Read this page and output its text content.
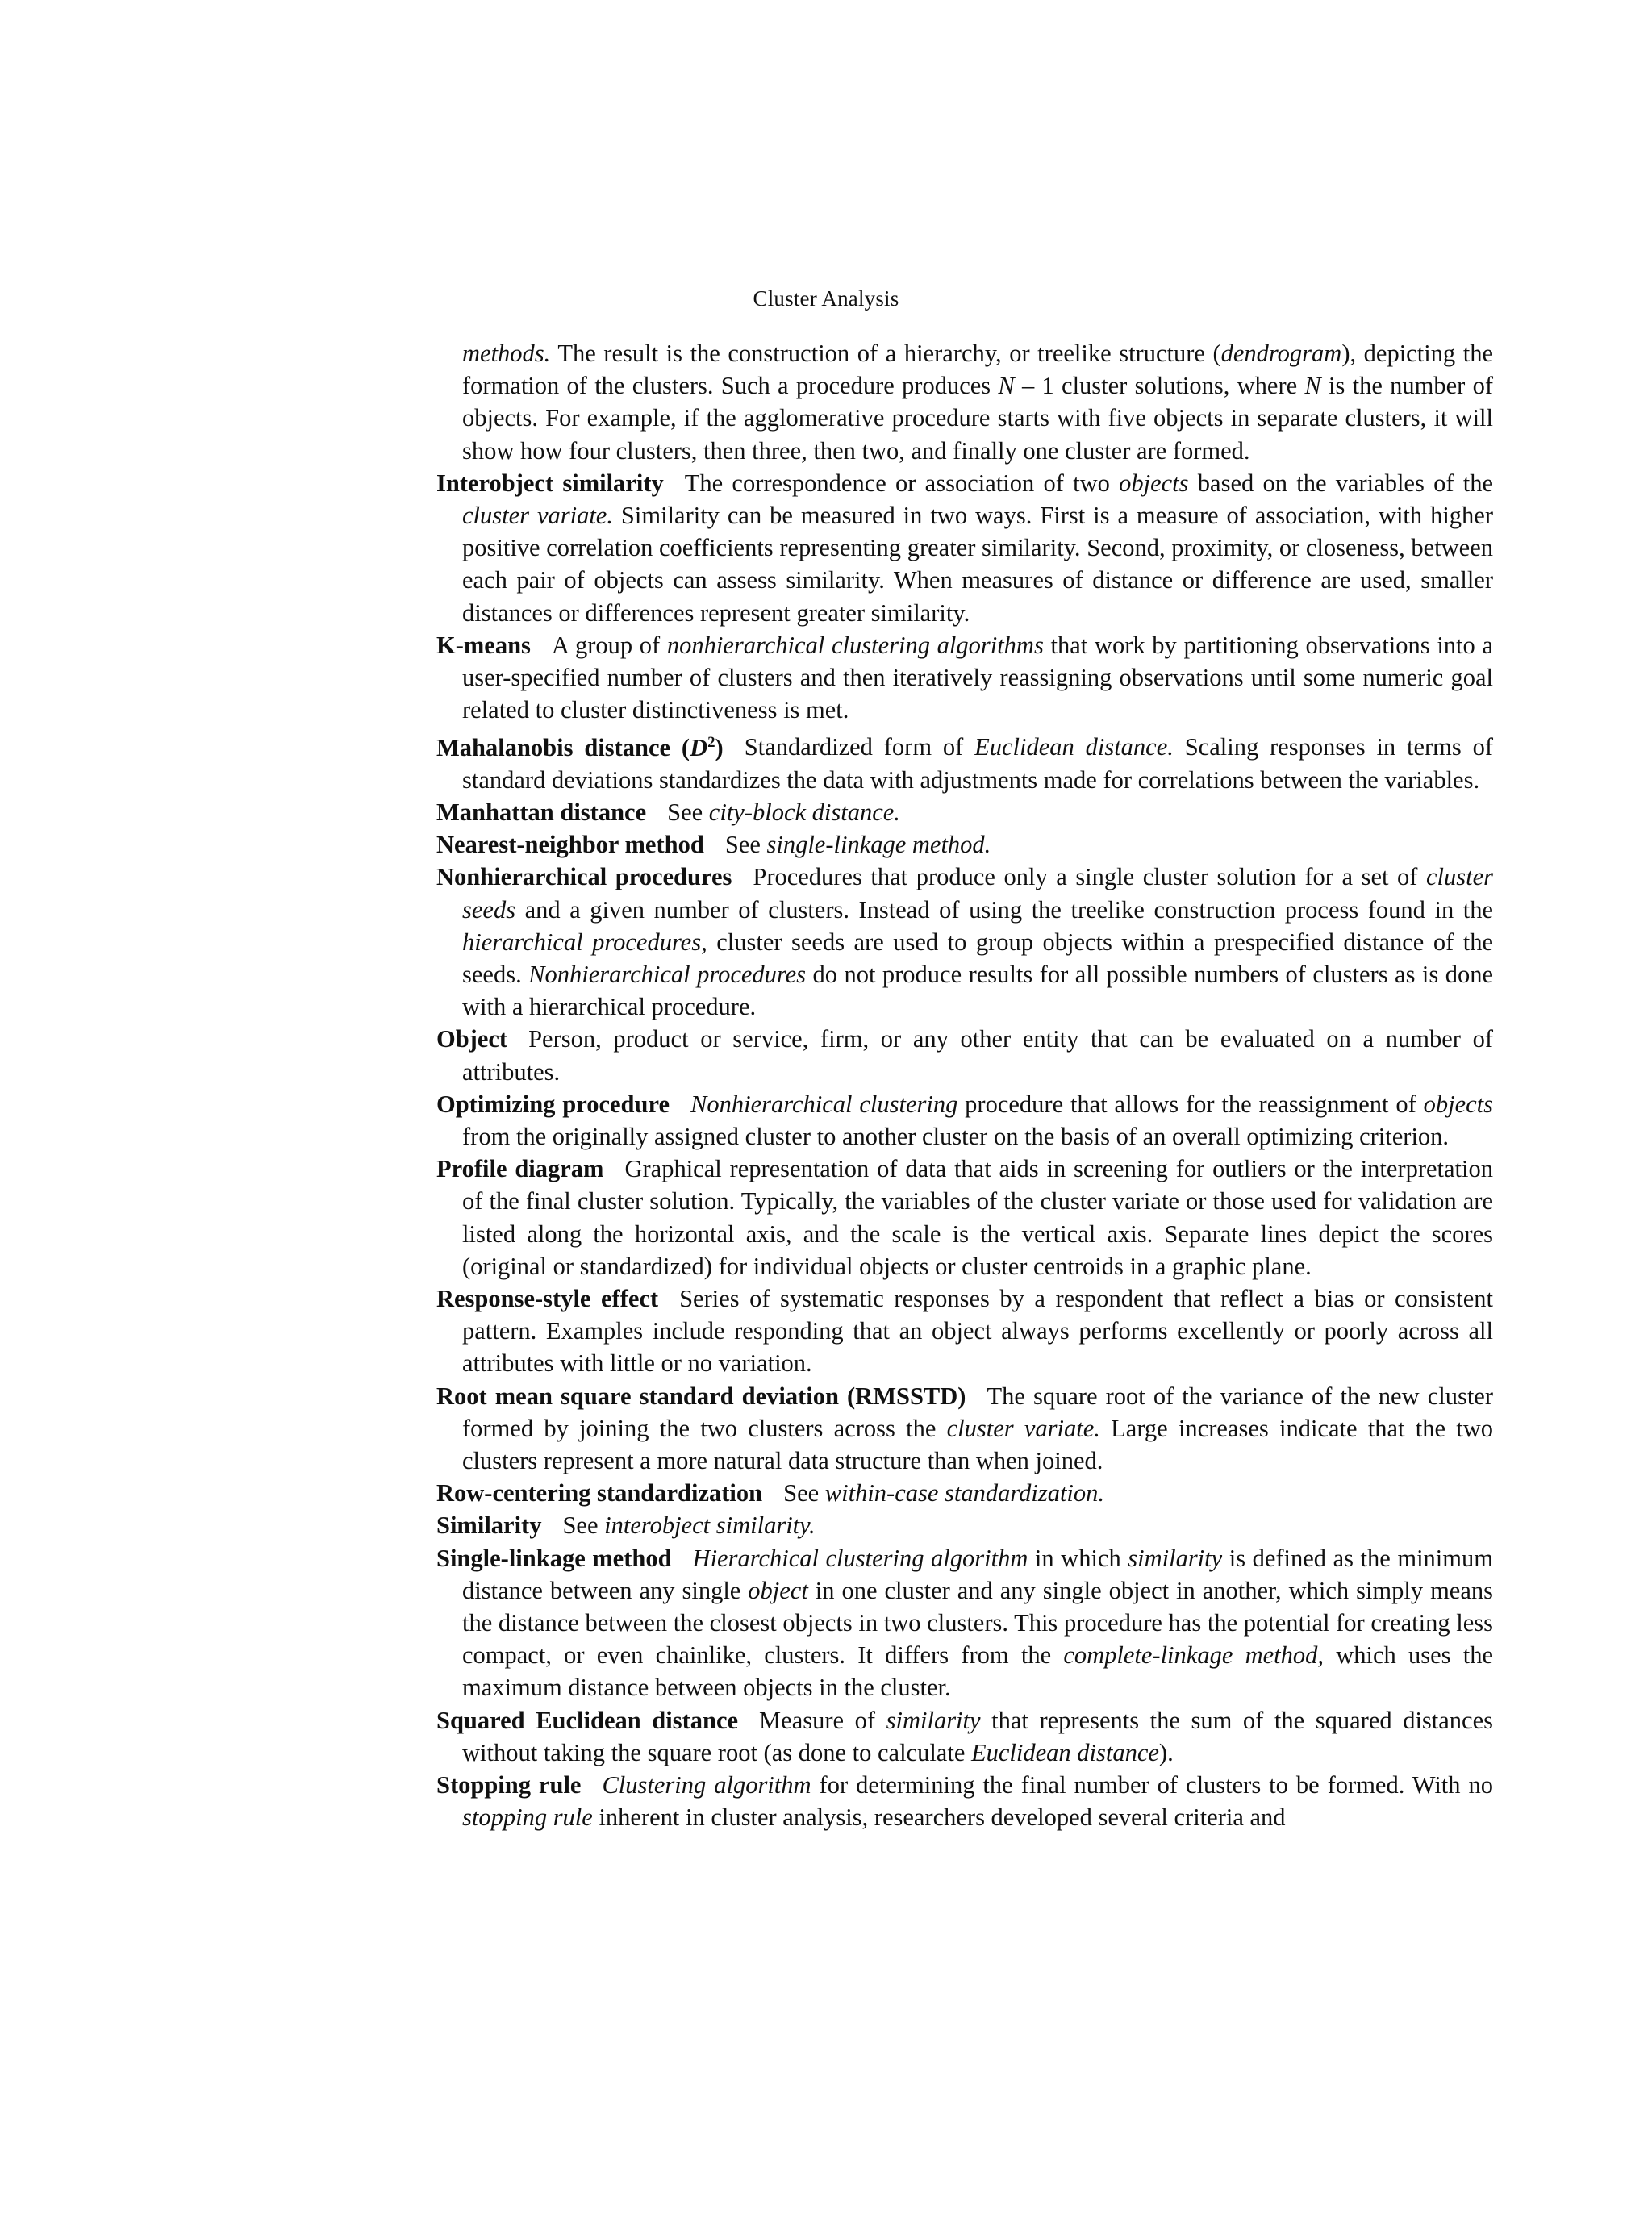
Cluster Analysis

methods. The result is the construction of a hierarchy, or treelike structure (dendrogram), depicting the formation of the clusters. Such a procedure produces N – 1 cluster solutions, where N is the number of objects. For example, if the agglomerative procedure starts with five objects in separate clusters, it will show how four clusters, then three, then two, and finally one cluster are formed.

Interobject similarity The correspondence or association of two objects based on the variables of the cluster variate. Similarity can be measured in two ways. First is a measure of association, with higher positive correlation coefficients representing greater similarity. Second, proximity, or closeness, between each pair of objects can assess similarity. When measures of distance or difference are used, smaller distances or differences represent greater similarity.

K-means A group of nonhierarchical clustering algorithms that work by partitioning observations into a user-specified number of clusters and then iteratively reassigning observations until some numeric goal related to cluster distinctiveness is met.

Mahalanobis distance $(D^2)$ Standardized form of Euclidean distance. Scaling responses in terms of standard deviations standardizes the data with adjustments made for correlations between the variables.

Manhattan distance See city-block distance.

Nearest-neighbor method See single-linkage method.

Nonhierarchical procedures Procedures that produce only a single cluster solution for a set of cluster seeds and a given number of clusters. Instead of using the treelike construction process found in the hierarchical procedures, cluster seeds are used to group objects within a prespecified distance of the seeds. Nonhierarchical procedures do not produce results for all possible numbers of clusters as is done with a hierarchical procedure.

Object Person, product or service, firm, or any other entity that can be evaluated on a number of attributes.

Optimizing procedure Nonhierarchical clustering procedure that allows for the reassignment of objects from the originally assigned cluster to another cluster on the basis of an overall optimizing criterion.

Profile diagram Graphical representation of data that aids in screening for outliers or the interpretation of the final cluster solution. Typically, the variables of the cluster variate or those used for validation are listed along the horizontal axis, and the scale is the vertical axis. Separate lines depict the scores (original or standardized) for individual objects or cluster centroids in a graphic plane.

Response-style effect Series of systematic responses by a respondent that reflect a bias or consistent pattern. Examples include responding that an object always performs excellently or poorly across all attributes with little or no variation.

Root mean square standard deviation (RMSSTD) The square root of the variance of the new cluster formed by joining the two clusters across the cluster variate. Large increases indicate that the two clusters represent a more natural data structure than when joined.

Row-centering standardization See within-case standardization.

Similarity See interobject similarity.

Single-linkage method Hierarchical clustering algorithm in which similarity is defined as the minimum distance between any single object in one cluster and any single object in another, which simply means the distance between the closest objects in two clusters. This procedure has the potential for creating less compact, or even chainlike, clusters. It differs from the complete-linkage method, which uses the maximum distance between objects in the cluster.

Squared Euclidean distance Measure of similarity that represents the sum of the squared distances without taking the square root (as done to calculate Euclidean distance).

Stopping rule Clustering algorithm for determining the final number of clusters to be formed. With no stopping rule inherent in cluster analysis, researchers developed several criteria and
